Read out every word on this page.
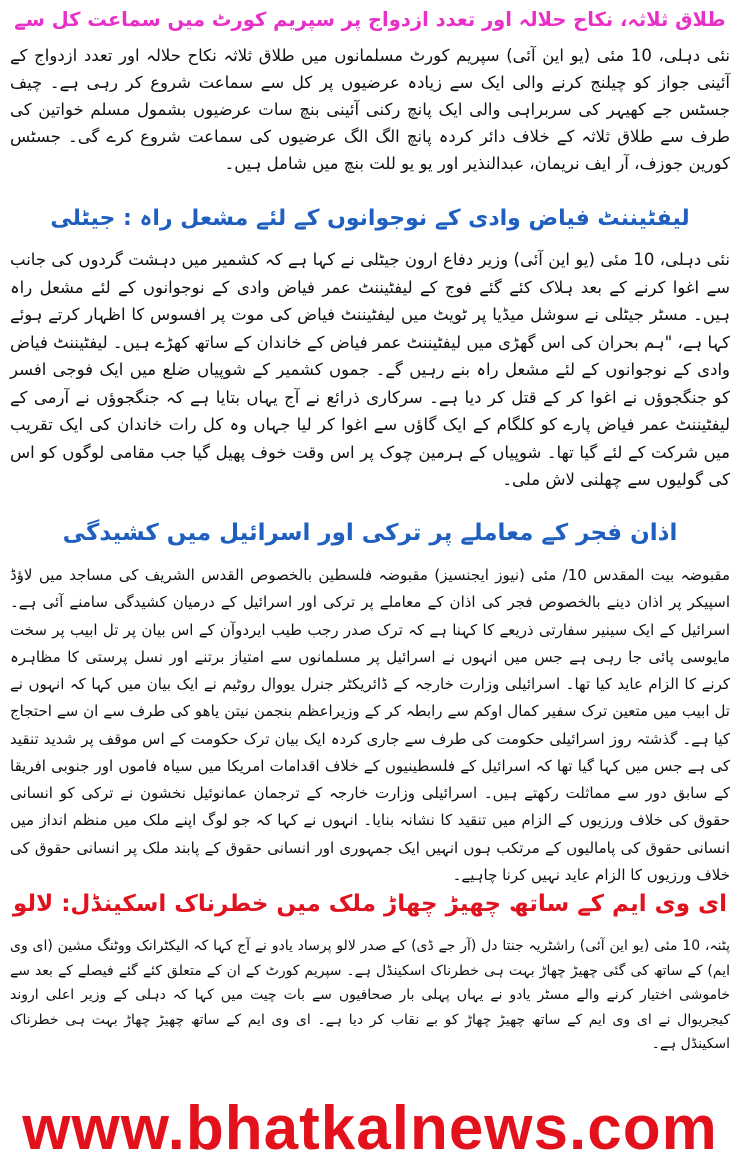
طلاق ثلاثہ، نکاح حلالہ اور تعدد ازدواج پر سپریم کورٹ میں سماعت کل سے

نئی دہلی، 10 مئی (یو این آئی) سپریم کورٹ مسلمانوں میں طلاق ثلاثہ نکاح حلالہ اور تعدد ازدواج کے آئینی جواز کو چیلنج کرنے والی ایک سے زیادہ عرضیوں پر کل سے سماعت شروع کر رہی ہے۔ چیف جسٹس جے کھیہر کی سربراہی والی ایک پانچ رکنی آئینی بنچ سات عرضیوں بشمول مسلم خواتین کی طرف سے طلاق ثلاثہ کے خلاف دائر کردہ پانچ الگ الگ عرضیوں کی سماعت شروع کرے گی۔ جسٹس کورین جوزف، آر ایف نریمان، عبدالنذیر اور یو یو للت بنچ میں شامل ہیں۔

لیفٹیننٹ فیاض وادی کے نوجوانوں کے لئے مشعل راہ : جیٹلی

نئی دہلی، 10 مئی (یو این آئی) وزیر دفاع ارون جیٹلی نے کہا ہے کہ کشمیر میں دہشت گردوں کی جانب سے اغوا کرنے کے بعد ہلاک کئے گئے فوج کے لیفٹیننٹ عمر فیاض وادی کے نوجوانوں کے لئے مشعل راہ ہیں۔ مسٹر جیٹلی نے سوشل میڈیا پر ٹویٹ میں لیفٹیننٹ فیاض کی موت پر افسوس کا اظہار کرتے ہوئے کہا ہے، "ہم بحران کی اس گھڑی میں لیفٹیننٹ عمر فیاض کے خاندان کے ساتھ کھڑے ہیں۔ لیفٹیننٹ فیاض وادی کے نوجوانوں کے لئے مشعل راہ بنے رہیں گے۔ جموں کشمیر کے شوپیاں ضلع میں ایک فوجی افسر کو جنگجوؤں نے اغوا کر کے قتل کر دیا ہے۔ سرکاری ذرائع نے آج یہاں بتایا ہے کہ جنگجوؤں نے آرمی کے لیفٹیننٹ عمر فیاض پارے کو کلگام کے ایک گاؤں سے اغوا کر لیا جہاں وہ کل رات خاندان کی ایک تقریب میں شرکت کے لئے گیا تھا۔ شوپیاں کے ہرمین چوک پر اس وقت خوف پھیل گیا جب مقامی لوگوں کو اس کی گولیوں سے چھلنی لاش ملی۔

اذان فجر کے معاملے پر ترکی اور اسرائیل میں کشیدگی

مقبوضہ بیت المقدس 10/ مئی (نیوز ایجنسیز) مقبوضہ فلسطین بالخصوص القدس الشریف کی مساجد میں لاؤڈ اسپیکر پر اذان دینے بالخصوص فجر کی اذان کے معاملے پر ترکی اور اسرائیل کے درمیان کشیدگی سامنے آئی ہے۔ اسرائیل کے ایک سینیر سفارتی ذریعے کا کہنا ہے کہ ترک صدر رجب طیب ایردوآن کے اس بیان پر تل ابیب پر سخت مایوسی پائی جا رہی ہے جس میں انہوں نے اسرائیل پر مسلمانوں سے امتیاز برتنے اور نسل پرستی کا مظاہرہ کرنے کا الزام عاید کیا تھا۔ اسرائیلی وزارت خارجہ کے ڈائریکٹر جنرل یووال روٹیم نے ایک بیان میں کہا کہ انہوں نے تل ابیب میں متعین ترک سفیر کمال اوکم سے رابطہ کر کے وزیراعظم بنجمن نیتن یاھو کی طرف سے ان سے احتجاج کیا ہے۔ گذشتہ روز اسرائیلی حکومت کی طرف سے جاری کردہ ایک بیان ترک حکومت کے اس موقف پر شدید تنقید کی ہے جس میں کہا گیا تھا کہ اسرائیل کے فلسطینیوں کے خلاف اقدامات امریکا میں سیاہ فاموں اور جنوبی افریقا کے سابق دور سے مماثلت رکھتے ہیں۔ اسرائیلی وزارت خارجہ کے ترجمان عمانوئیل نخشون نے ترکی کو انسانی حقوق کی خلاف ورزیوں کے الزام میں تنقید کا نشانہ بنایا۔ انہوں نے کہا کہ جو لوگ اپنے ملک میں منظم انداز میں انسانی حقوق کی پامالیوں کے مرتکب ہوں انہیں ایک جمہوری اور انسانی حقوق کے پابند ملک پر انسانی حقوق کی خلاف ورزیوں کا الزام عاید نہیں کرنا چاہیے۔

ای وی ایم کے ساتھ چھیڑ چھاڑ ملک میں خطرناک اسکینڈل: لالو

پٹنہ، 10 مئی (یو این آئی) راشٹریہ جنتا دل (آر جے ڈی) کے صدر لالو پرساد یادو نے آج کہا کہ الیکٹرانک ووٹنگ مشین (ای وی ایم) کے ساتھ کی گئی چھیڑ چھاڑ بہت ہی خطرناک اسکینڈل ہے۔ سپریم کورٹ کے ان کے متعلق کئے گئے فیصلے کے بعد سے خاموشی اختیار کرنے والے مسٹر یادو نے یہاں پہلی بار صحافیوں سے بات چیت میں کہا کہ دہلی کے وزیر اعلی اروند کیجریوال نے ای وی ایم کے ساتھ چھیڑ چھاڑ کو بے نقاب کر دیا ہے۔ ای وی ایم کے ساتھ چھیڑ چھاڑ بہت ہی خطرناک اسکینڈل ہے۔

www.bhatkalnews.com
